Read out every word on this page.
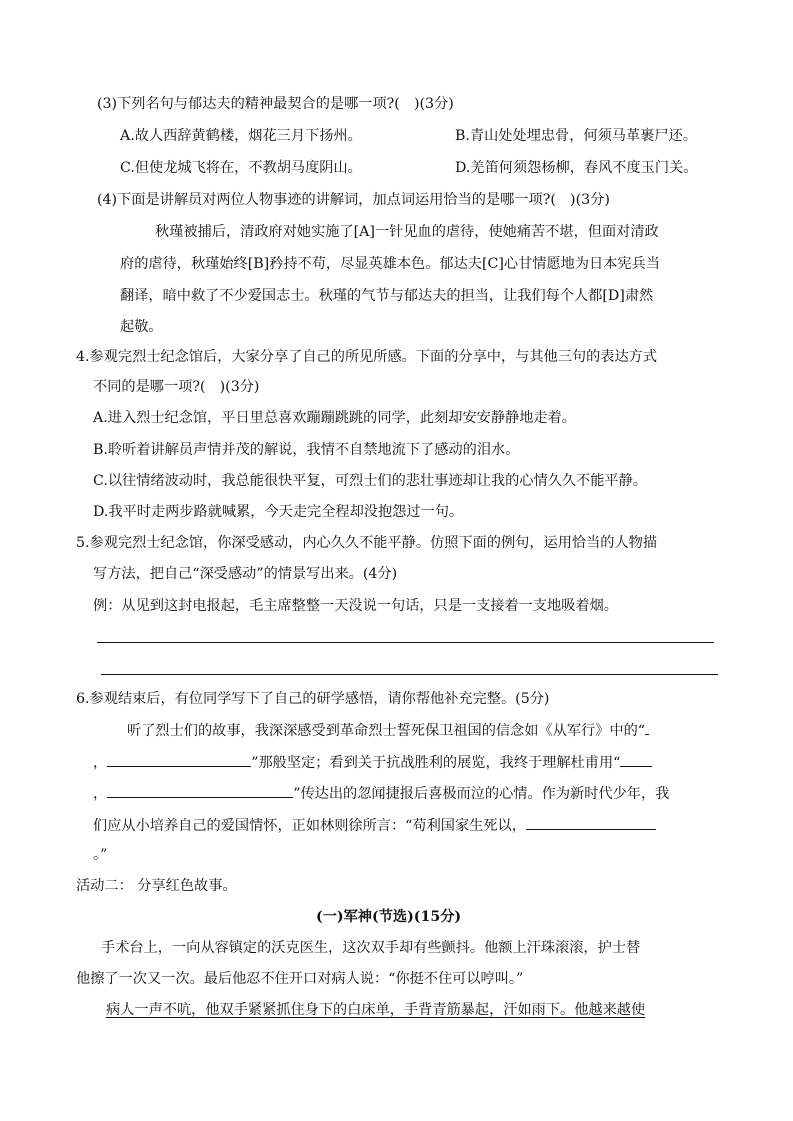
(3)下列名句与郁达夫的精神最契合的是哪一项?(　)(3分)
A.故人西辞黄鹤楼，烟花三月下扬州。	B.青山处处埋忠骨，何须马革裹尸还。
C.但使龙城飞将在，不教胡马度阴山。	D.羌笛何须怨杨柳，春风不度玉门关。
(4)下面是讲解员对两位人物事迹的讲解词，加点词运用恰当的是哪一项?(　)(3分)
秋瑾被捕后，清政府对她实施了[A]一针见血的虐待，使她痛苦不堪，但面对清政
府的虐待，秋瑾始终[B]矜持不苟，尽显英雄本色。郁达夫[C]心甘情愿地为日本宪兵当
翻译，暗中救了不少爱国志士。秋瑾的气节与郁达夫的担当，让我们每个人都[D]肃然
起敬。
4.参观完烈士纪念馆后，大家分享了自己的所见所感。下面的分享中，与其他三句的表达方式
不同的是哪一项?(　)(3分)
A.进入烈士纪念馆，平日里总喜欢蹦蹦跳跳的同学，此刻却安安静静地走着。
B.聆听着讲解员声情并茂的解说，我情不自禁地流下了感动的泪水。
C.以往情绪波动时，我总能很快平复，可烈士们的悲壮事迹却让我的心情久久不能平静。
D.我平时走两步路就喊累，今天走完全程却没抱怨过一句。
5.参观完烈士纪念馆，你深受感动，内心久久不能平静。仿照下面的例句，运用恰当的人物描
写方法，把自己“深受感动”的情景写出来。(4分)
例：从见到这封电报起，毛主席整整一天没说一句话，只是一支接着一支地吸着烟。
6.参观结束后，有位同学写下了自己的研学感悟，请你帮他补充完整。(5分)
听了烈士们的故事，我深深感受到革命烈士誓死保卫祖国的信念如《从军行》中的“
，	”那般坚定；看到关于抗战胜利的展览，我终于理解杜甫用“
，	”传达出的忽闻捷报后喜极而泣的心情。作为新时代少年，我
们应从小培养自己的爱国情怀，正如林则徐所言：“苟利国家生死以，
。”
活动二： 分享红色故事。
(一)军神(节选)(15分)
手术台上，一向从容镇定的沃克医生，这次双手却有些颤抖。他额上汗珠滚滚，护士替
他擦了一次又一次。最后他忍不住开口对病人说：“你挺不住可以哼叫。”
病人一声不吭，他双手紧紧抓住身下的白床单，手背青筋暴起，汗如雨下。他越来越使
